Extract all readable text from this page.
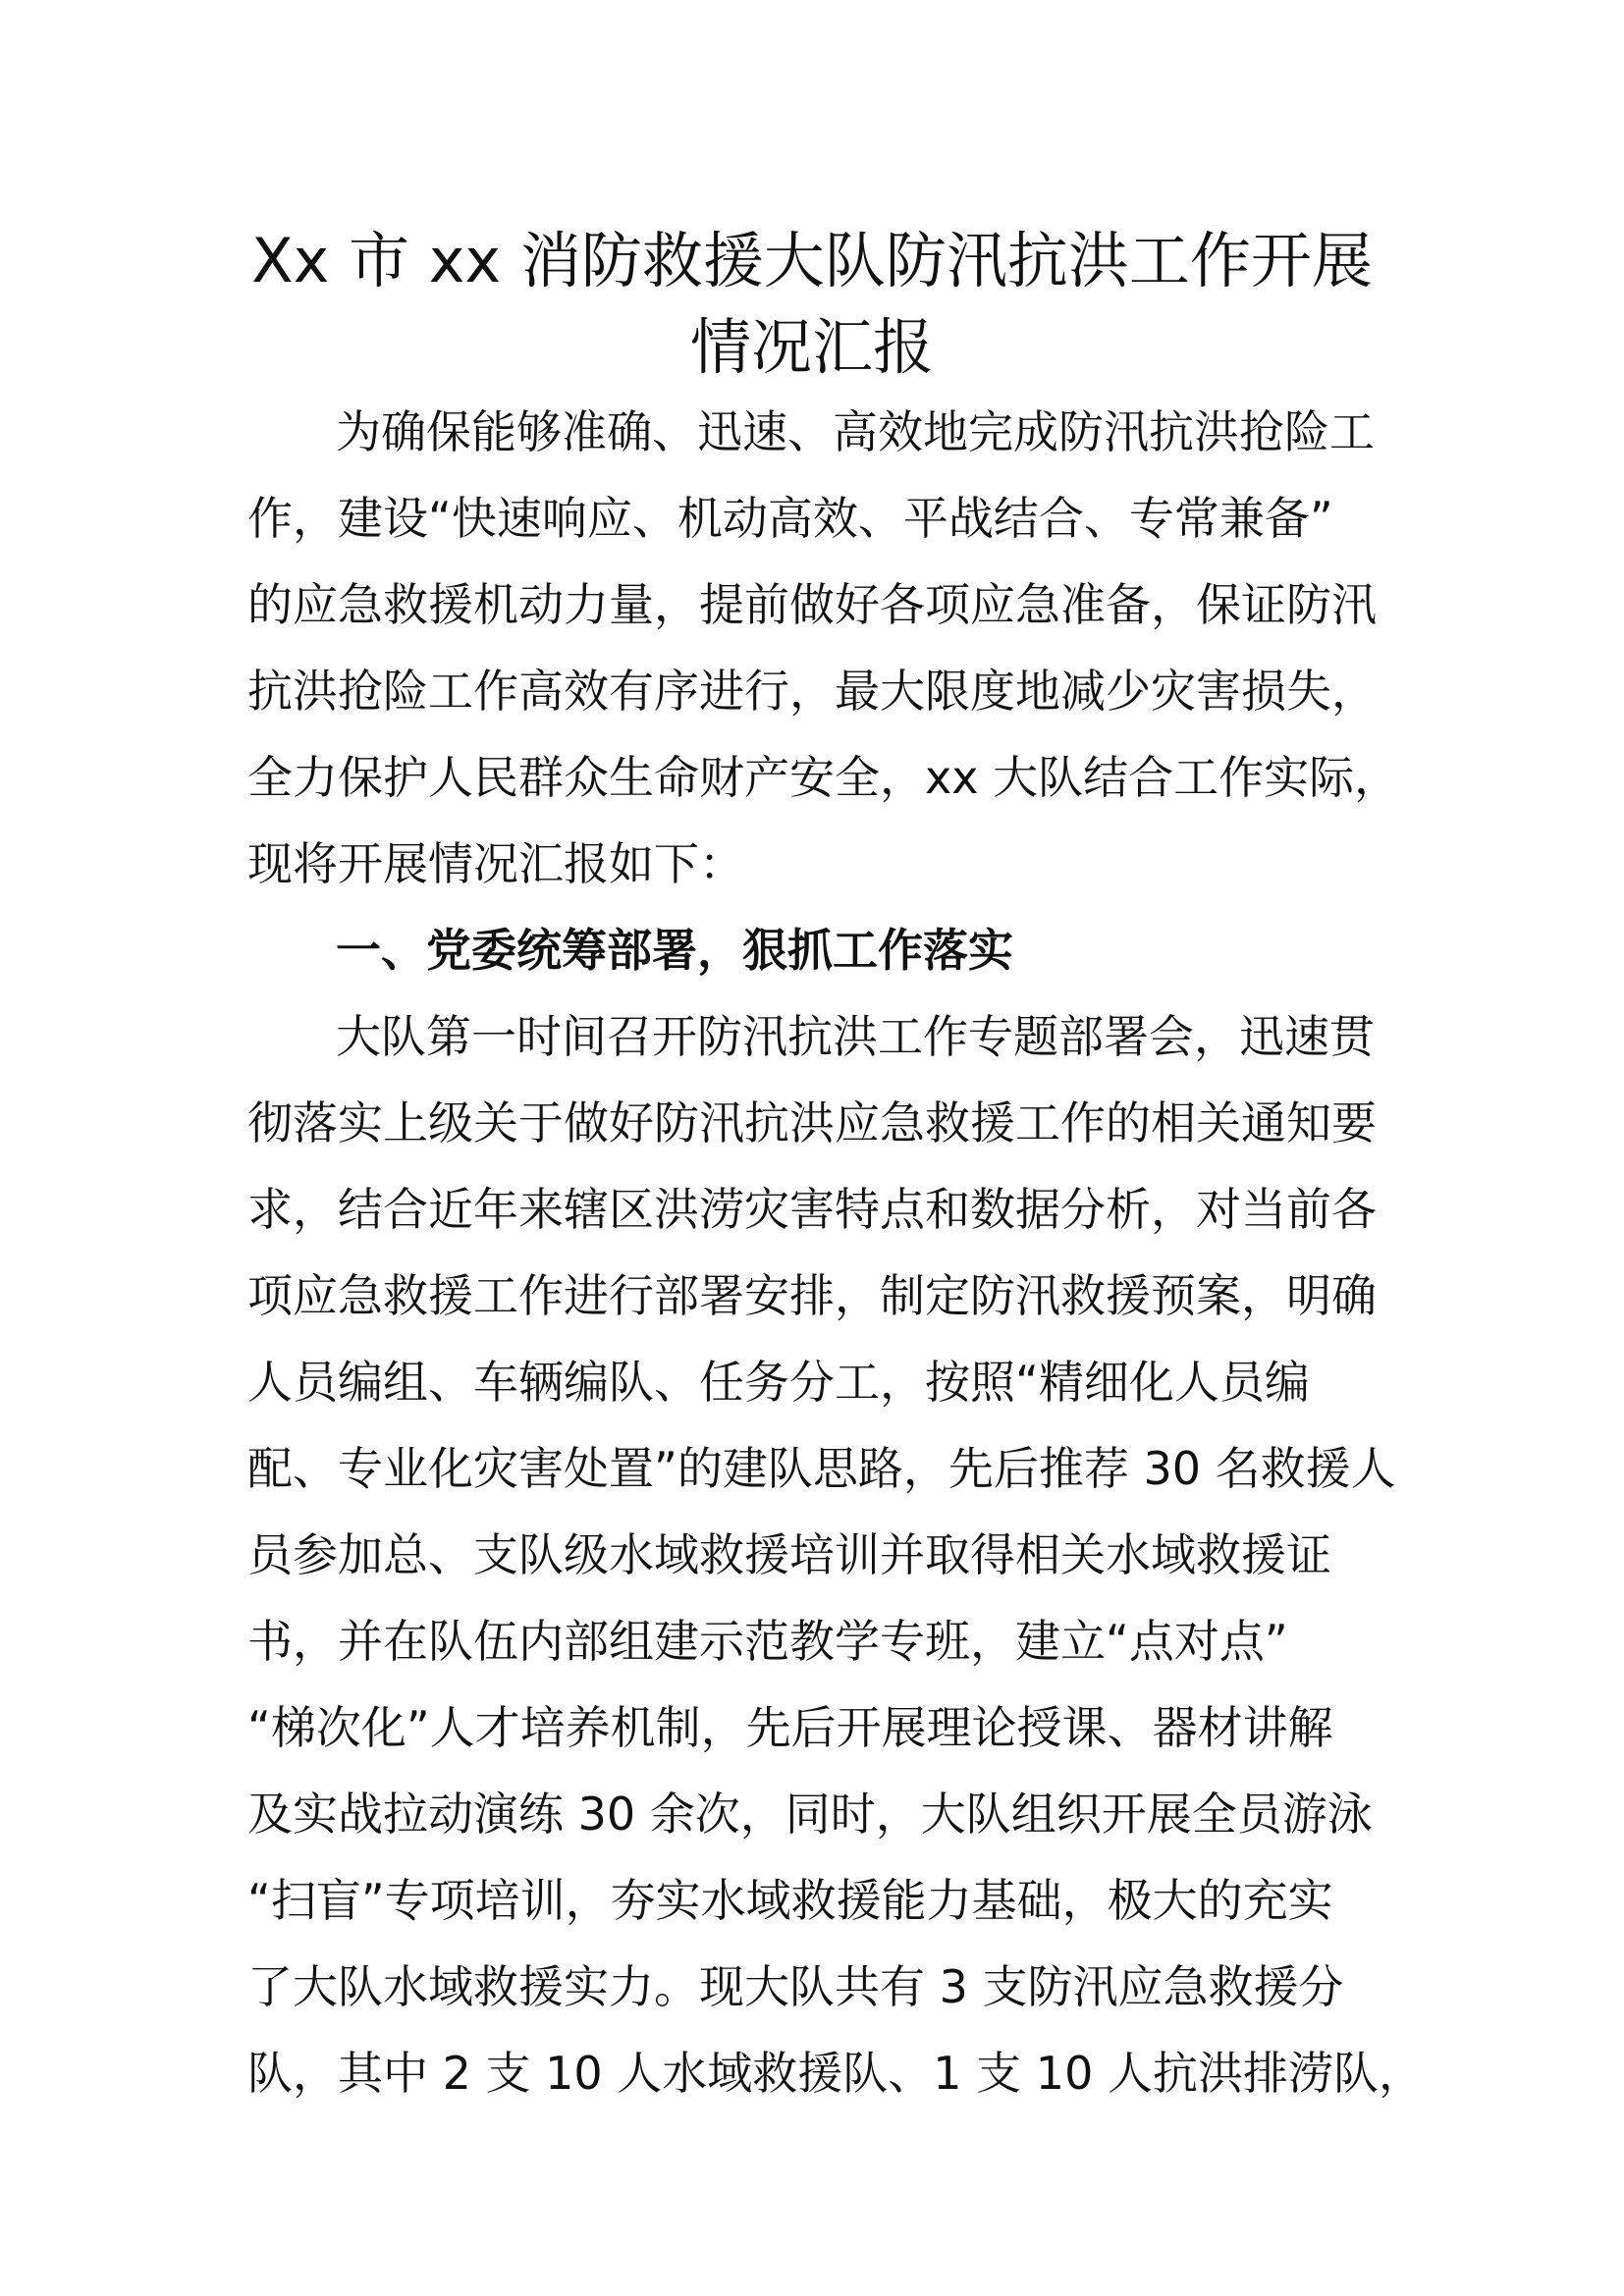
Xx 市 xx 消防救援大队防汛抗洪工作开展
情况汇报

为确保能够准确、迅速、高效地完成防汛抗洪抢险工

作，建设“快速响应、机动高效、平战结合、专常兼备”

的应急救援机动力量，提前做好各项应急准备，保证防汛

抗洪抢险工作高效有序进行，最大限度地减少灾害损失，

全力保护人民群众生命财产安全，xx 大队结合工作实际，

现将开展情况汇报如下：

一、党委统筹部署，狠抓工作落实

大队第一时间召开防汛抗洪工作专题部署会，迅速贯

彻落实上级关于做好防汛抗洪应急救援工作的相关通知要

求，结合近年来辖区洪涝灾害特点和数据分析，对当前各

项应急救援工作进行部署安排，制定防汛救援预案，明确

人员编组、车辆编队、任务分工，按照“精细化人员编

配、专业化灾害处置”的建队思路，先后推荐 30 名救援人

员参加总、支队级水域救援培训并取得相关水域救援证

书，并在队伍内部组建示范教学专班，建立“点对点”

“梯次化”人才培养机制，先后开展理论授课、器材讲解

及实战拉动演练 30 余次，同时，大队组织开展全员游泳

“扫盲”专项培训，夯实水域救援能力基础，极大的充实

了大队水域救援实力。现大队共有 3 支防汛应急救援分

队，其中 2 支 10 人水域救援队、1 支 10 人抗洪排涝队，
